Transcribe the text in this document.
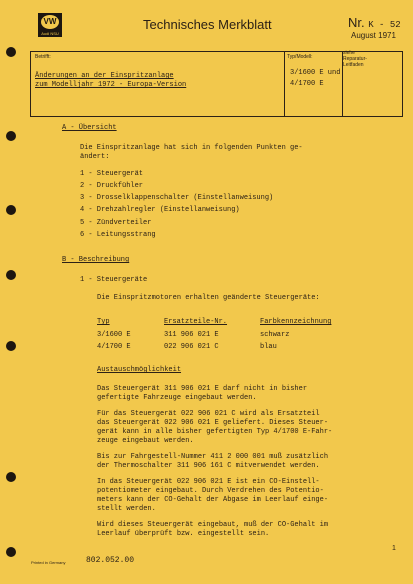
VW
Audi NSU
Technisches Merkblatt	Nr. K - 52
August 1971
Betrifft:	Typ/Modell:
Änderungen an der Einspritzanlage
zum Modelljahr 1972 - Europa-Version
3/1600 E und
4/1700 E
siehe
Reparatur-
Leitfaden
A - Übersicht
Die Einspritzanlage hat sich in folgenden Punkten ge-
ändert:
1 - Steuergerät
2 - Druckfühler
3 - Drosselklappenschalter (Einstellanweisung)
4 - Drehzahlregler (Einstellanweisung)
5 - Zündverteiler
6 - Leitungsstrang
B - Beschreibung
1 - Steuergeräte
Die Einspritzmotoren erhalten geänderte Steuergeräte:
Typ	Ersatzteile-Nr.	Farbkennzeichnung
3/1600 E	311 906 021 E	schwarz
4/1700 E	022 906 021 C	blau
Austauschmöglichkeit
Das Steuergerät 311 906 021 E darf nicht in bisher
gefertigte Fahrzeuge eingebaut werden.
Für das Steuergerät 022 906 021 C wird als Ersatzteil
das Steuergerät 022 906 021 E geliefert. Dieses Steuer-
gerät kann in alle bisher gefertigten Typ 4/1700 E-Fahr-
zeuge eingebaut werden.
Bis zur Fahrgestell-Nummer 411 2 000 001 muß zusätzlich
der Thermoschalter 311 906 161 C mitverwendet werden.
In das Steuergerät 022 906 021 E ist ein CO-Einstell-
potentiometer eingebaut. Durch Verdrehen des Potentio-
meters kann der CO-Gehalt der Abgase im Leerlauf einge-
stellt werden.
Wird dieses Steuergerät eingebaut, muß der CO-Gehalt im
Leerlauf überprüft bzw. eingestellt sein.
1
Printed in Germany	802.052.00
